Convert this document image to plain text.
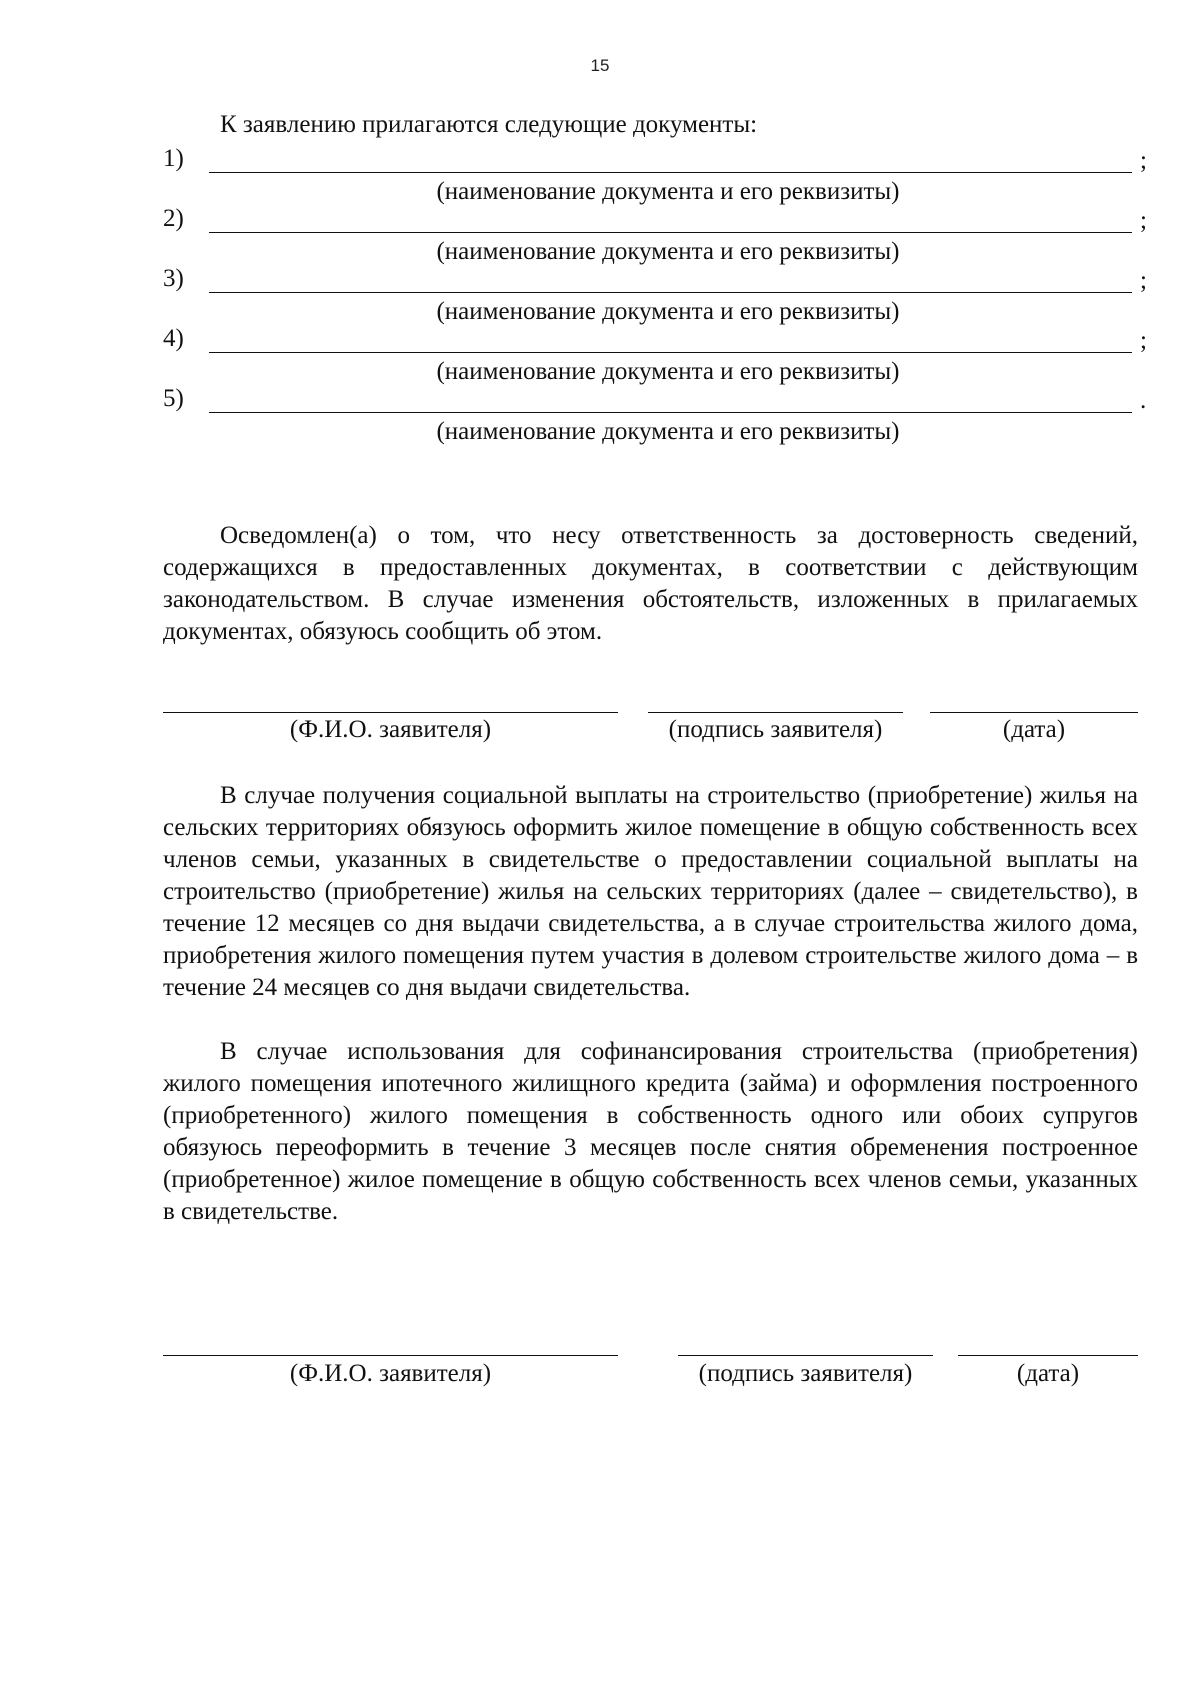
15
К заявлению прилагаются следующие документы:
1)	;
(наименование документа и его реквизиты)
2)	;
(наименование документа и его реквизиты)
3)	;
(наименование документа и его реквизиты)
4)	;
(наименование документа и его реквизиты)
5)	.
(наименование документа и его реквизиты)
Осведомлен(а) о том, что несу ответственность за достоверность сведений, содержащихся в предоставленных документах, в соответствии с действующим законодательством. В случае изменения обстоятельств, изложенных в прилагаемых документах, обязуюсь сообщить об этом.
(Ф.И.О. заявителя)	(подпись заявителя)	(дата)
В случае получения социальной выплаты на строительство (приобретение) жилья на сельских территориях обязуюсь оформить жилое помещение в общую собственность всех членов семьи, указанных в свидетельстве о предоставлении социальной выплаты на строительство (приобретение) жилья на сельских территориях (далее – свидетельство), в течение 12 месяцев со дня выдачи свидетельства, а в случае строительства жилого дома, приобретения жилого помещения путем участия в долевом строительстве жилого дома – в течение 24 месяцев со дня выдачи свидетельства.
В случае использования для софинансирования строительства (приобретения) жилого помещения ипотечного жилищного кредита (займа) и оформления построенного (приобретенного) жилого помещения в собственность одного или обоих супругов обязуюсь переоформить в течение 3 месяцев после снятия обременения построенное (приобретенное) жилое помещение в общую собственность всех членов семьи, указанных в свидетельстве.
(Ф.И.О. заявителя)	(подпись заявителя)	(дата)
